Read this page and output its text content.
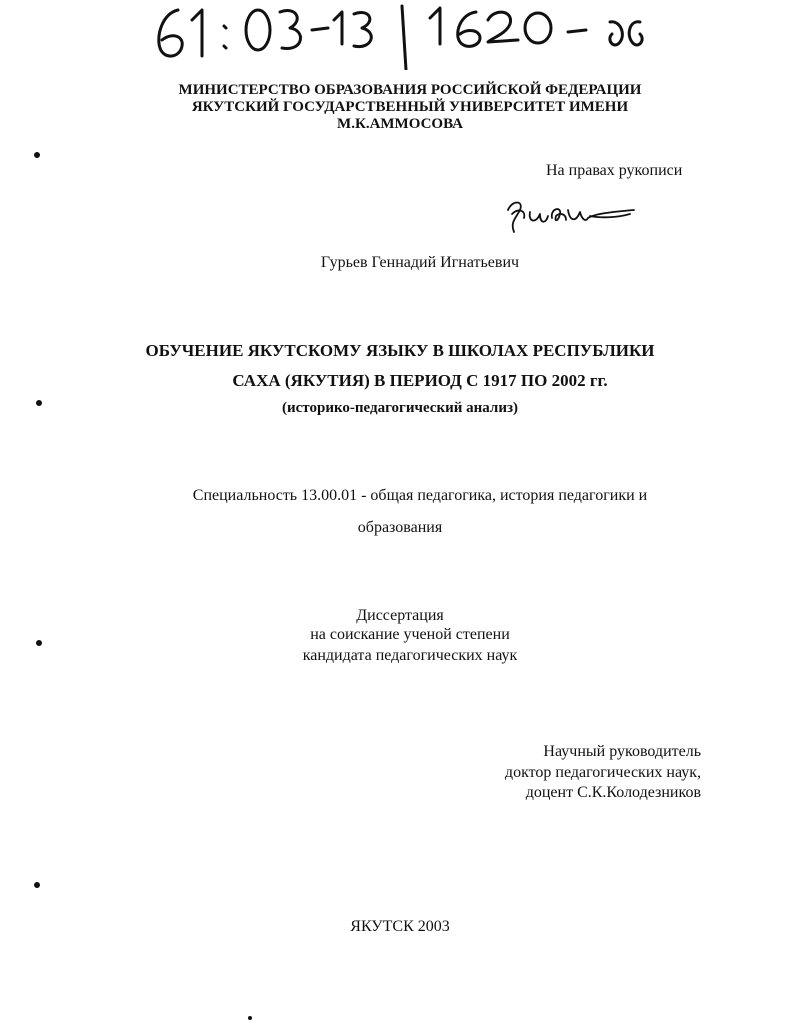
МИНИСТЕРСТВО ОБРАЗОВАНИЯ РОССИЙСКОЙ ФЕДЕРАЦИИ
ЯКУТСКИЙ ГОСУДАРСТВЕННЫЙ УНИВЕРСИТЕТ ИМЕНИ
М.К.АММОСОВА
На правах рукописи
Гурьев Геннадий Игнатьевич
ОБУЧЕНИЕ ЯКУТСКОМУ ЯЗЫКУ В ШКОЛАХ РЕСПУБЛИКИ
САХА (ЯКУТИЯ) В ПЕРИОД С 1917 ПО 2002 гг.
(историко-педагогический анализ)
Специальность 13.00.01 - общая педагогика, история педагогики и
образования
Диссертация
на соискание ученой степени
кандидата педагогических наук
Научный руководитель
доктор педагогических наук,
доцент С.К.Колодезников
ЯКУТСК 2003
